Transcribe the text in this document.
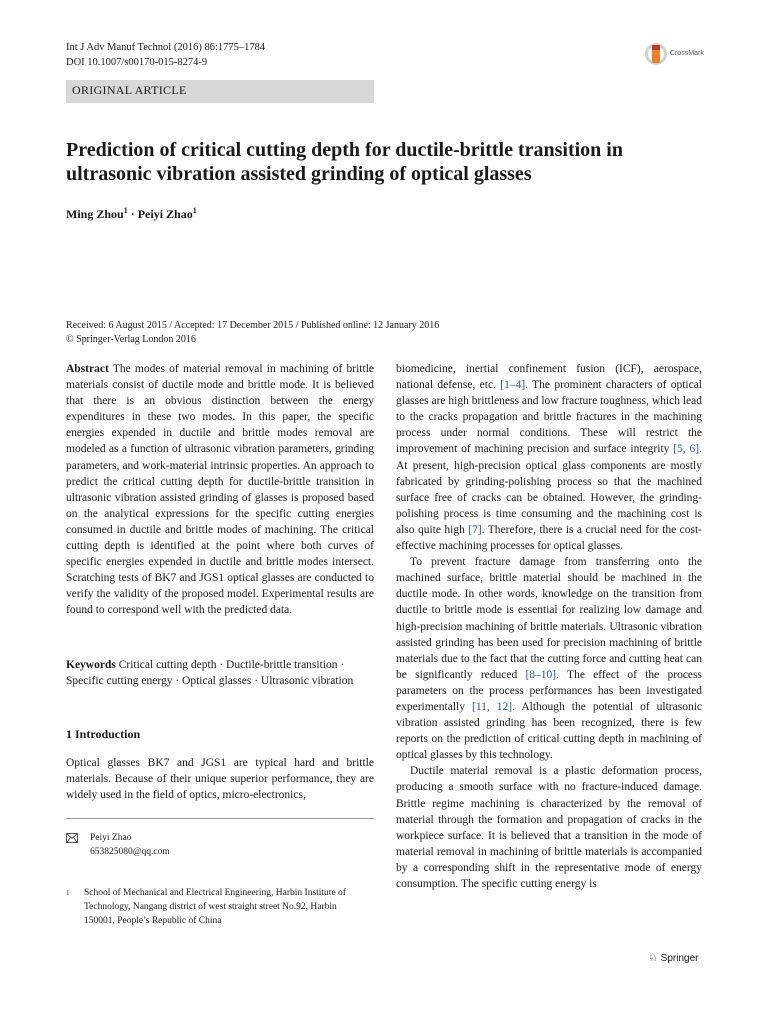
Int J Adv Manuf Technol (2016) 86:1775–1784
DOI 10.1007/s00170-015-8274-9
CrossMark
ORIGINAL ARTICLE
Prediction of critical cutting depth for ductile-brittle transition in ultrasonic vibration assisted grinding of optical glasses
Ming Zhou$^1$ · Peiyi Zhao$^1$
Received: 6 August 2015 / Accepted: 17 December 2015 / Published online: 12 January 2016
© Springer-Verlag London 2016

Abstract The modes of material removal in machining of brittle materials consist of ductile mode and brittle mode. It is believed that there is an obvious distinction between the energy expenditures in these two modes. In this paper, the specific energies expended in ductile and brittle modes removal are modeled as a function of ultrasonic vibration parameters, grinding parameters, and work-material intrinsic properties. An approach to predict the critical cutting depth for ductile-brittle transition in ultrasonic vibration assisted grinding of glasses is proposed based on the analytical expressions for the specific cutting energies consumed in ductile and brittle modes of machining. The critical cutting depth is identified at the point where both curves of specific energies expended in ductile and brittle modes intersect. Scratching tests of BK7 and JGS1 optical glasses are conducted to verify the validity of the proposed model. Experimental results are found to correspond well with the predicted data.

Keywords Critical cutting depth · Ductile-brittle transition · Specific cutting energy · Optical glasses · Ultrasonic vibration
1 Introduction
Optical glasses BK7 and JGS1 are typical hard and brittle materials. Because of their unique superior performance, they are widely used in the field of optics, micro-electronics,
Peiyi Zhao
653825080@qq.com
1	School of Mechanical and Electrical Engineering, Harbin Institute of Technology, Nangang district of west straight street No.92, Harbin 150001, People’s Republic of China

biomedicine, inertial confinement fusion (ICF), aerospace, national defense, etc. [1–4]. The prominent characters of optical glasses are high brittleness and low fracture toughness, which lead to the cracks propagation and brittle fractures in the machining process under normal conditions. These will restrict the improvement of machining precision and surface integrity [5, 6]. At present, high-precision optical glass components are mostly fabricated by grinding-polishing process so that the machined surface free of cracks can be obtained. However, the grinding-polishing process is time consuming and the machining cost is also quite high [7]. Therefore, there is a crucial need for the cost-effective machining processes for optical glasses.

To prevent fracture damage from transferring onto the machined surface, brittle material should be machined in the ductile mode. In other words, knowledge on the transition from ductile to brittle mode is essential for realizing low damage and high-precision machining of brittle materials. Ultrasonic vibration assisted grinding has been used for precision machining of brittle materials due to the fact that the cutting force and cutting heat can be significantly reduced [8–10]. The effect of the process parameters on the process performances has been investigated experimentally [11, 12]. Although the potential of ultrasonic vibration assisted grinding has been recognized, there is few reports on the prediction of critical cutting depth in machining of optical glasses by this technology.

Ductile material removal is a plastic deformation process, producing a smooth surface with no fracture-induced damage. Brittle regime machining is characterized by the removal of material through the formation and propagation of cracks in the workpiece surface. It is believed that a transition in the mode of material removal in machining of brittle materials is accompanied by a corresponding shift in the representative mode of energy consumption. The specific cutting energy is

♘ Springer
